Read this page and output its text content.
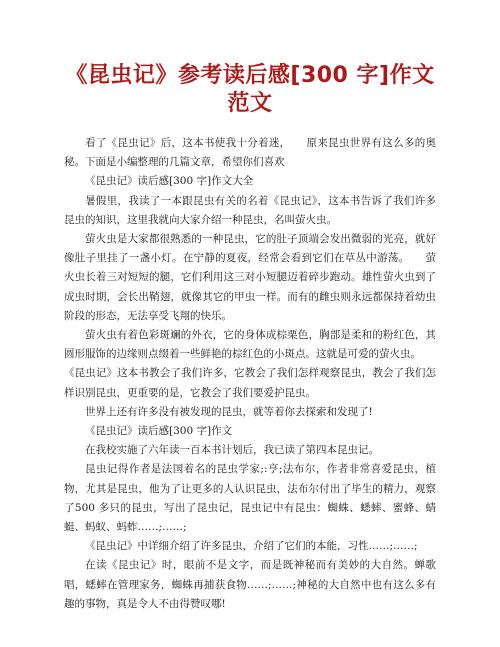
《昆虫记》参考读后感[300 字]作文范文

看了《昆虫记》后，这本书使我十分着迷， 原来昆虫世界有这么多的奥秘。下面是小编整理的几篇文章，希望你们喜欢

《昆虫记》读后感[300 字]作文大全

暑假里，我读了一本跟昆虫有关的名着《昆虫记》，这本书告诉了我们许多昆虫的知识，这里我就向大家介绍一种昆虫，名叫萤火虫。

萤火虫是大家都很熟悉的一种昆虫，它的肚子顶端会发出微弱的光亮，就好像肚子里挂了一盏小灯。在宁静的夏夜，经常会看到它们在草丛中游荡。 萤火虫长着三对短短的腿，它们利用这三对小短腿迈着碎步跑动。雄性萤火虫到了成虫时期，会长出鞘翅，就像其它的甲虫一样。而有的雌虫则永远都保持着幼虫阶段的形态，无法享受飞翔的快乐。

萤火虫有着色彩斑斓的外衣，它的身体成棕栗色，胸部是柔和的粉红色，其圆形服饰的边缘则点缀着一些鲜艳的棕红色的小斑点。这就是可爱的萤火虫。

《昆虫记》这本书教会了我们许多，它教会了我们怎样观察昆虫，教会了我们怎样识别昆虫，更重要的是，它教会了我们要爱护昆虫。

世界上还有许多没有被发现的昆虫，就等着你去探索和发现了!

《昆虫记》读后感[300 字]作文

在我校实施了六年读一百本书计划后，我已读了第四本昆虫记。

昆虫记得作者是法国着名的昆虫学家;:亨;法布尔，作者非常喜爱昆虫，植物，尤其是昆虫，他为了让更多的人认识昆虫，法布尔付出了毕生的精力，观察了500 多只的昆虫，写出了昆虫记，昆虫记中有昆虫：蜘蛛、蟋蟀、蜜蜂、蜻蜓、蚂蚁、蚂蚱……;……;

《昆虫记》中详细介绍了许多昆虫，介绍了它们的本能，习性……;……;

在读《昆虫记》时，眼前不是文字，而是既神秘而有美妙的大自然。蝉歌唱，蟋蟀在管理家务，蜘蛛再捕获食物……;……;神秘的大自然中也有这么多有趣的事物，真是令人不由得赞叹哪!
